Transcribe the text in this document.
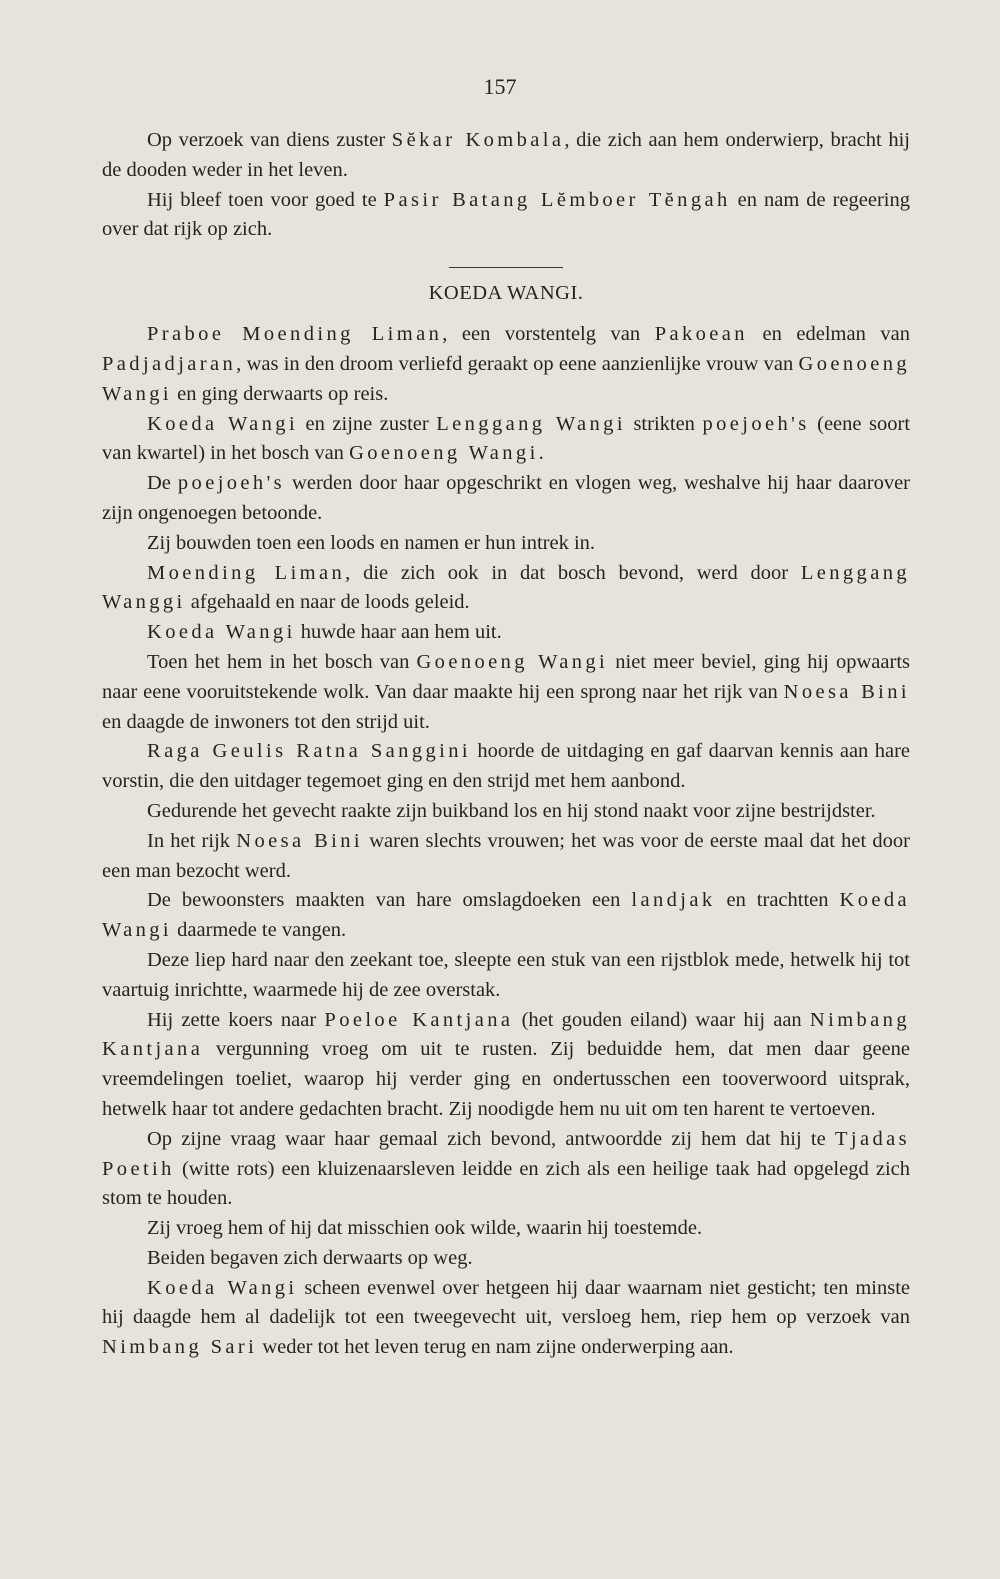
157

Op verzoek van diens zuster Sĕkar Kombala, die zich aan hem onderwierp, bracht hij de dooden weder in het leven.

Hij bleef toen voor goed te Pasir Batang Lĕmboer Tĕngah en nam de regeering over dat rijk op zich.

KOEDA WANGI.

Praboe Moending Liman, een vorstentelg van Pakoean en edelman van Padjadjaran, was in den droom verliefd geraakt op eene aanzienlijke vrouw van Goenoeng Wangi en ging derwaarts op reis.

Koeda Wangi en zijne zuster Lenggang Wangi strikten poejoeh's (eene soort van kwartel) in het bosch van Goenoeng Wangi.

De poejoeh's werden door haar opgeschrikt en vlogen weg, weshalve hij haar daarover zijn ongenoegen betoonde.

Zij bouwden toen een loods en namen er hun intrek in.

Moending Liman, die zich ook in dat bosch bevond, werd door Lenggang Wanggi afgehaald en naar de loods geleid.

Koeda Wangi huwde haar aan hem uit.

Toen het hem in het bosch van Goenoeng Wangi niet meer beviel, ging hij opwaarts naar eene vooruitstekende wolk. Van daar maakte hij een sprong naar het rijk van Noesa Bini en daagde de inwoners tot den strijd uit.

Raga Geulis Ratna Sanggini hoorde de uitdaging en gaf daarvan kennis aan hare vorstin, die den uitdager tegemoet ging en den strijd met hem aanbond.

Gedurende het gevecht raakte zijn buikband los en hij stond naakt voor zijne bestrijdster.

In het rijk Noesa Bini waren slechts vrouwen; het was voor de eerste maal dat het door een man bezocht werd.

De bewoonsters maakten van hare omslagdoeken een landjak en trachtten Koeda Wangi daarmede te vangen.

Deze liep hard naar den zeekant toe, sleepte een stuk van een rijstblok mede, hetwelk hij tot vaartuig inrichtte, waarmede hij de zee overstak.

Hij zette koers naar Poeloe Kantjana (het gouden eiland) waar hij aan Nimbang Kantjana vergunning vroeg om uit te rusten. Zij beduidde hem, dat men daar geene vreemdelingen toeliet, waarop hij verder ging en ondertusschen een tooverwoord uitsprak, hetwelk haar tot andere gedachten bracht. Zij noodigde hem nu uit om ten harent te vertoeven.

Op zijne vraag waar haar gemaal zich bevond, antwoordde zij hem dat hij te Tjadas Poetih (witte rots) een kluizenaarsleven leidde en zich als een heilige taak had opgelegd zich stom te houden.

Zij vroeg hem of hij dat misschien ook wilde, waarin hij toestemde.

Beiden begaven zich derwaarts op weg.

Koeda Wangi scheen evenwel over hetgeen hij daar waarnam niet gesticht; ten minste hij daagde hem al dadelijk tot een tweegevecht uit, versloeg hem, riep hem op verzoek van Nimbang Sari weder tot het leven terug en nam zijne onderwerping aan.
